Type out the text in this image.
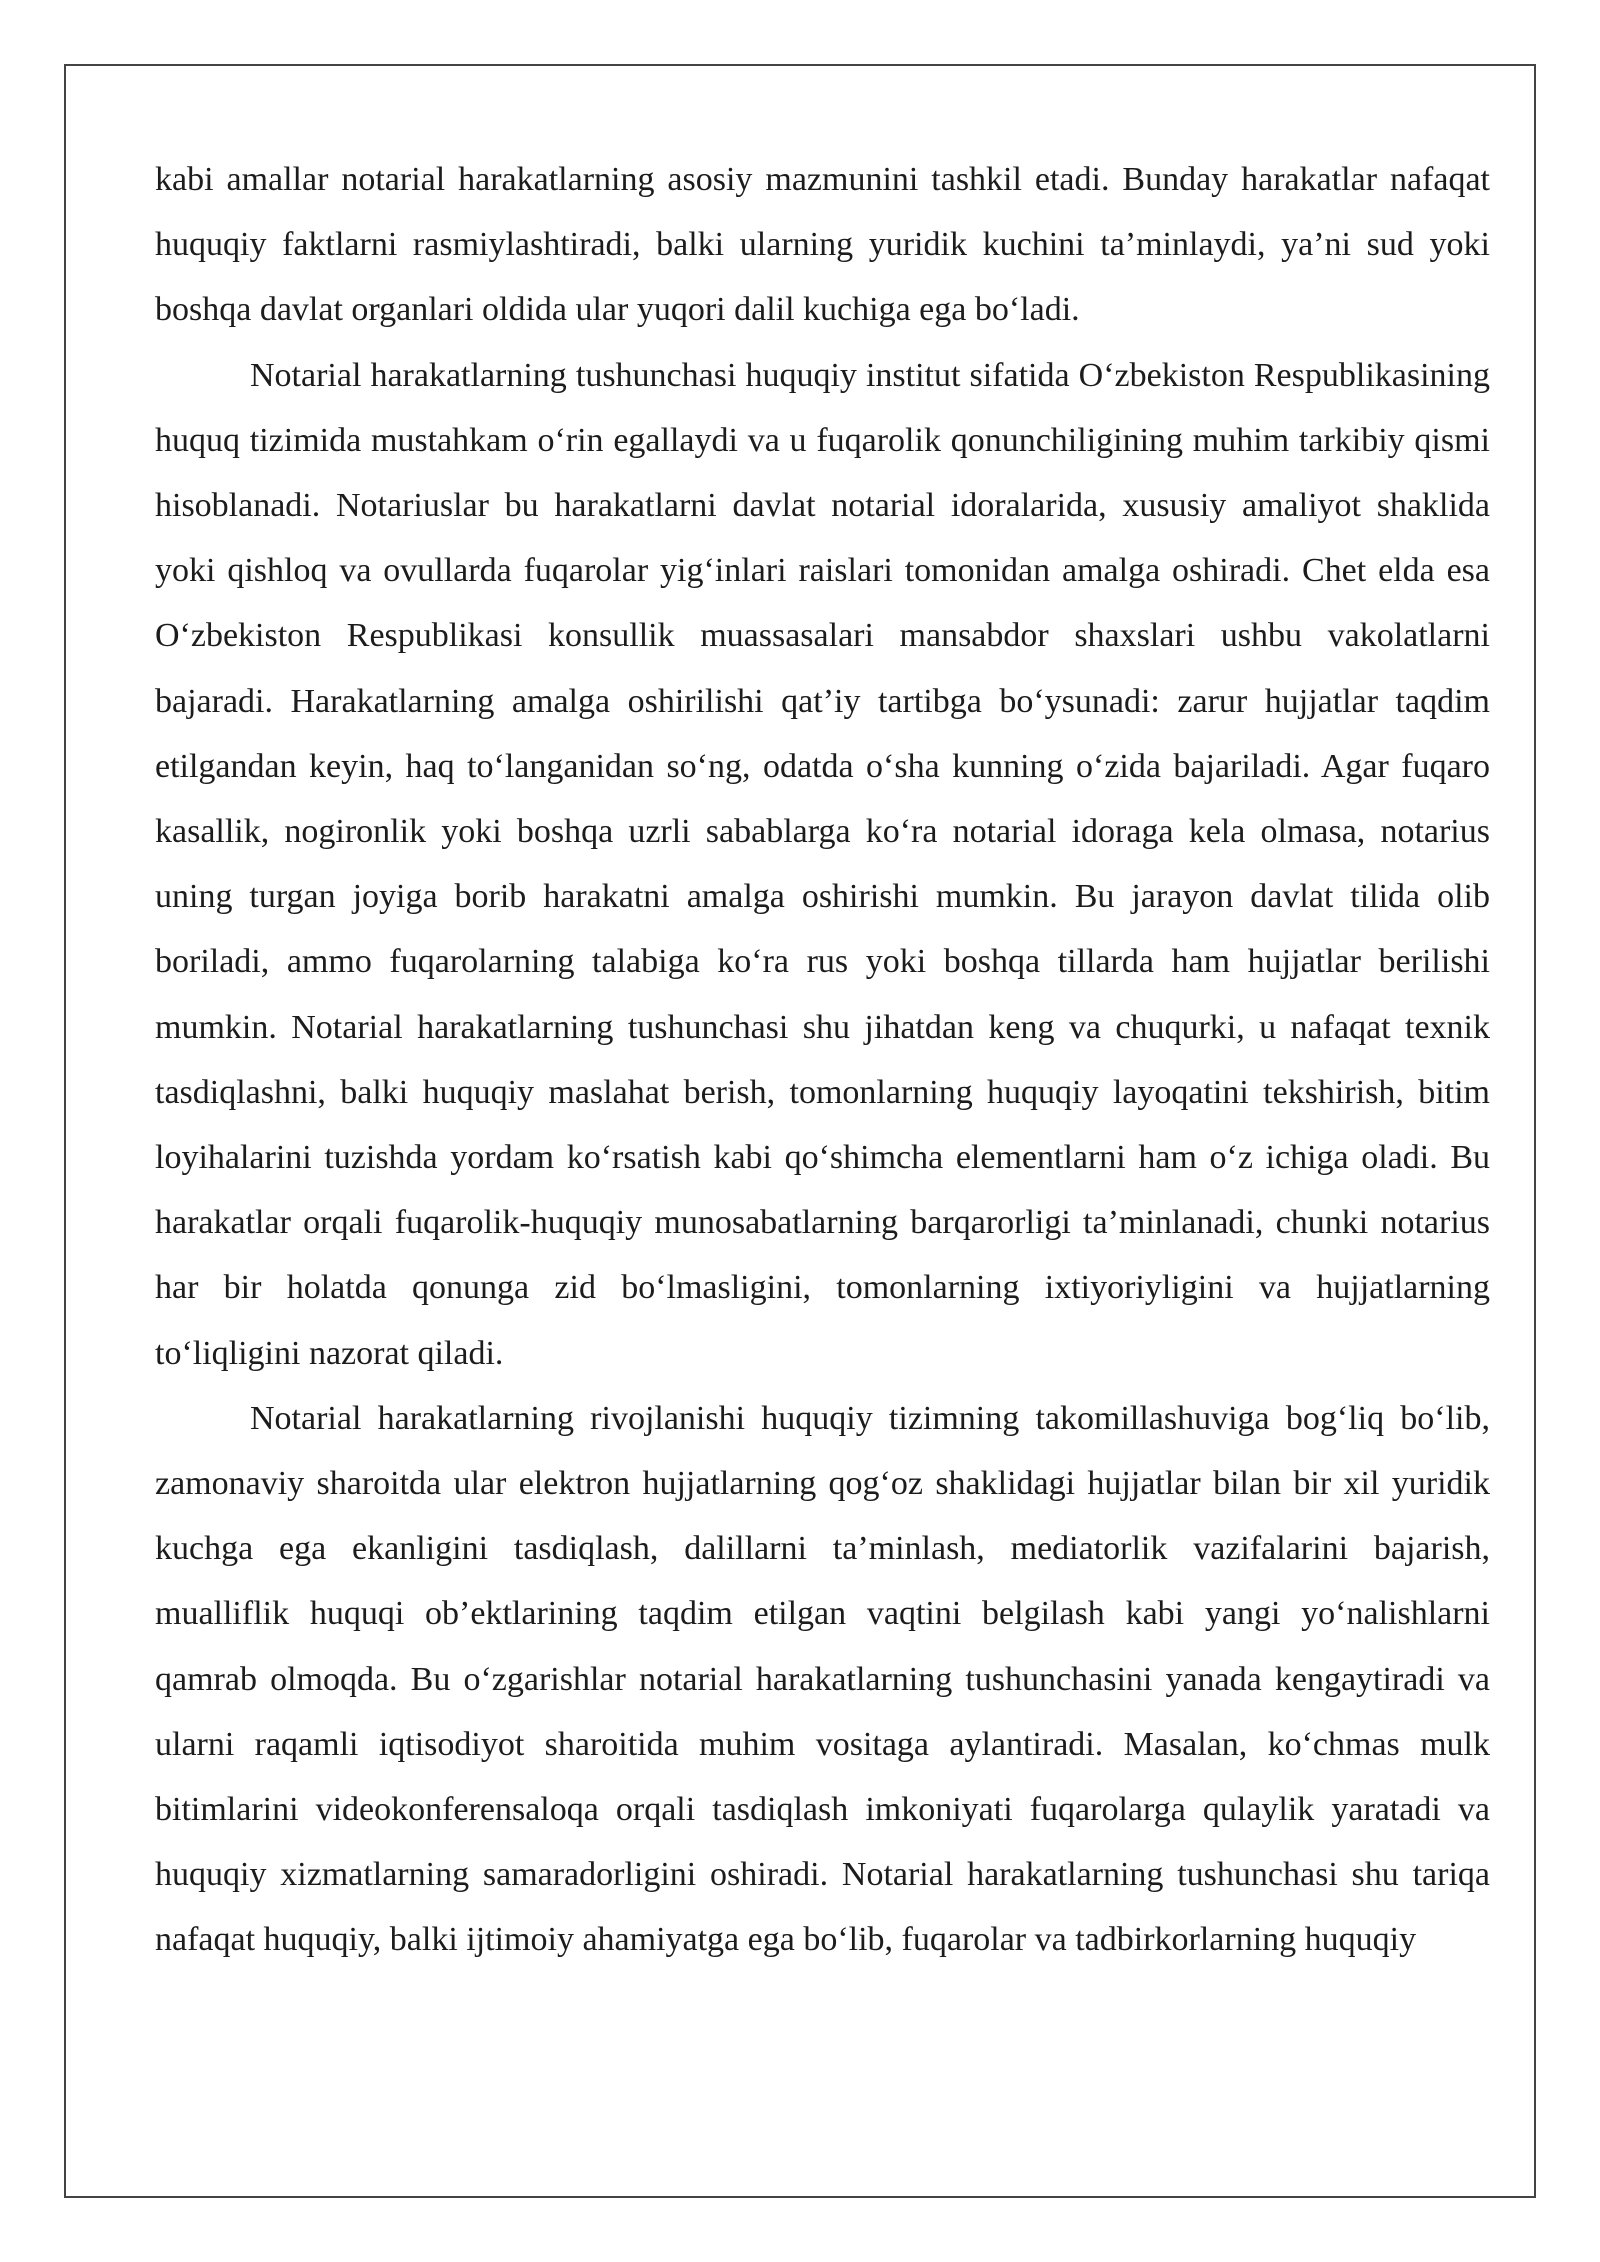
kabi amallar notarial harakatlarning asosiy mazmunini tashkil etadi. Bunday harakatlar nafaqat huquqiy faktlarni rasmiylashtiradi, balki ularning yuridik kuchini ta’minlaydi, ya’ni sud yoki boshqa davlat organlari oldida ular yuqori dalil kuchiga ega boʻladi.

Notarial harakatlarning tushunchasi huquqiy institut sifatida Oʻzbekiston Respublikasining huquq tizimida mustahkam oʻrin egallaydi va u fuqarolik qonunchiligining muhim tarkibiy qismi hisoblanadi. Notariuslar bu harakatlarni davlat notarial idoralarida, xususiy amaliyot shaklida yoki qishloq va ovullarda fuqarolar yigʻinlari raislari tomonidan amalga oshiradi. Chet elda esa Oʻzbekiston Respublikasi konsullik muassasalari mansabdor shaxslari ushbu vakolatlarni bajaradi. Harakatlarning amalga oshirilishi qat’iy tartibga boʻysunadi: zarur hujjatlar taqdim etilgandan keyin, haq toʻlanganidan soʻng, odatda oʻsha kunning oʻzida bajariladi. Agar fuqaro kasallik, nogironlik yoki boshqa uzrli sabablarga koʻra notarial idoraga kela olmasa, notarius uning turgan joyiga borib harakatni amalga oshirishi mumkin. Bu jarayon davlat tilida olib boriladi, ammo fuqarolarning talabiga koʻra rus yoki boshqa tillarda ham hujjatlar berilishi mumkin. Notarial harakatlarning tushunchasi shu jihatdan keng va chuqurki, u nafaqat texnik tasdiqlashni, balki huquqiy maslahat berish, tomonlarning huquqiy layoqatini tekshirish, bitim loyihalarini tuzishda yordam koʻrsatish kabi qoʻshimcha elementlarni ham oʻz ichiga oladi. Bu harakatlar orqali fuqarolik-huquqiy munosabatlarning barqarorligi ta’minlanadi, chunki notarius har bir holatda qonunga zid boʻlmasligini, tomonlarning ixtiyoriyligini va hujjatlarning toʻliqligini nazorat qiladi.

Notarial harakatlarning rivojlanishi huquqiy tizimning takomillashuviga bogʻliq boʻlib, zamonaviy sharoitda ular elektron hujjatlarning qogʻoz shaklidagi hujjatlar bilan bir xil yuridik kuchga ega ekanligini tasdiqlash, dalillarni ta’minlash, mediatorlik vazifalarini bajarish, mualliflik huquqi ob’ektlarining taqdim etilgan vaqtini belgilash kabi yangi yoʻnalishlarni qamrab olmoqda. Bu oʻzgarishlar notarial harakatlarning tushunchasini yanada kengaytiradi va ularni raqamli iqtisodiyot sharoitida muhim vositaga aylantiradi. Masalan, koʻchmas mulk bitimlarini videokonferensaloqa orqali tasdiqlash imkoniyati fuqarolarga qulaylik yaratadi va huquqiy xizmatlarning samaradorligini oshiradi. Notarial harakatlarning tushunchasi shu tariqa nafaqat huquqiy, balki ijtimoiy ahamiyatga ega boʻlib, fuqarolar va tadbirkorlarning huquqiy
